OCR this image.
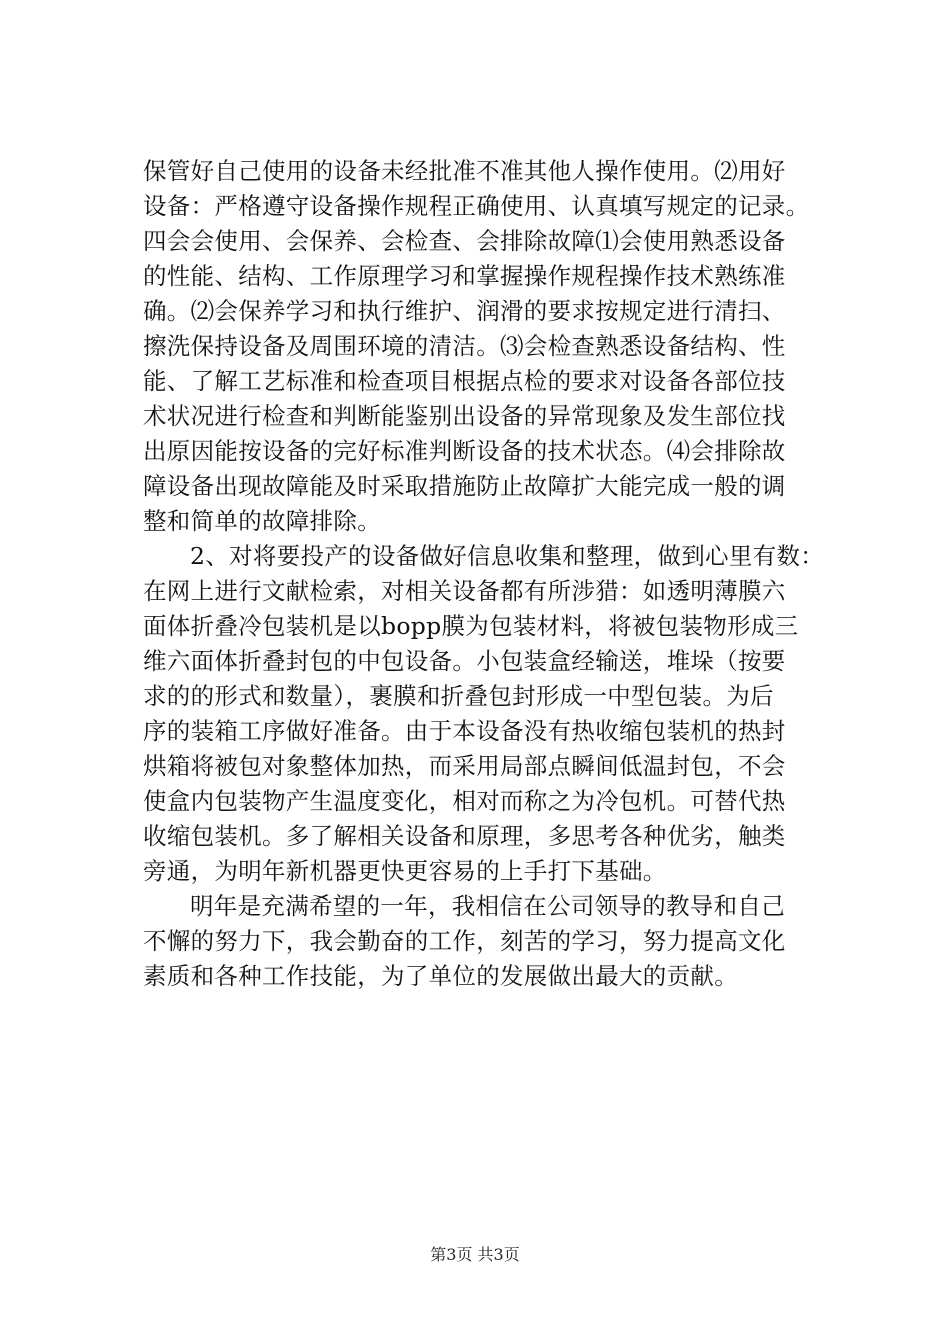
保管好自己使用的设备未经批准不准其他人操作使用。⑵用好
设备：严格遵守设备操作规程正确使用、认真填写规定的记录。
四会会使用、会保养、会检查、会排除故障⑴会使用熟悉设备
的性能、结构、工作原理学习和掌握操作规程操作技术熟练准
确。⑵会保养学习和执行维护、润滑的要求按规定进行清扫、
擦洗保持设备及周围环境的清洁。⑶会检查熟悉设备结构、性
能、了解工艺标准和检查项目根据点检的要求对设备各部位技
术状况进行检查和判断能鉴别出设备的异常现象及发生部位找
出原因能按设备的完好标准判断设备的技术状态。⑷会排除故
障设备出现故障能及时采取措施防止故障扩大能完成一般的调
整和简单的故障排除。
2、对将要投产的设备做好信息收集和整理，做到心里有数：
在网上进行文献检索，对相关设备都有所涉猎：如透明薄膜六
面体折叠冷包装机是以bopp膜为包装材料，将被包装物形成三
维六面体折叠封包的中包设备。小包装盒经输送，堆垛（按要
求的的形式和数量），裹膜和折叠包封形成一中型包装。为后
序的装箱工序做好准备。由于本设备没有热收缩包装机的热封
烘箱将被包对象整体加热，而采用局部点瞬间低温封包，不会
使盒内包装物产生温度变化，相对而称之为冷包机。可替代热
收缩包装机。多了解相关设备和原理，多思考各种优劣，触类
旁通，为明年新机器更快更容易的上手打下基础。
明年是充满希望的一年，我相信在公司领导的教导和自己
不懈的努力下，我会勤奋的工作，刻苦的学习，努力提高文化
素质和各种工作技能，为了单位的发展做出最大的贡献。
第3页 共3页
